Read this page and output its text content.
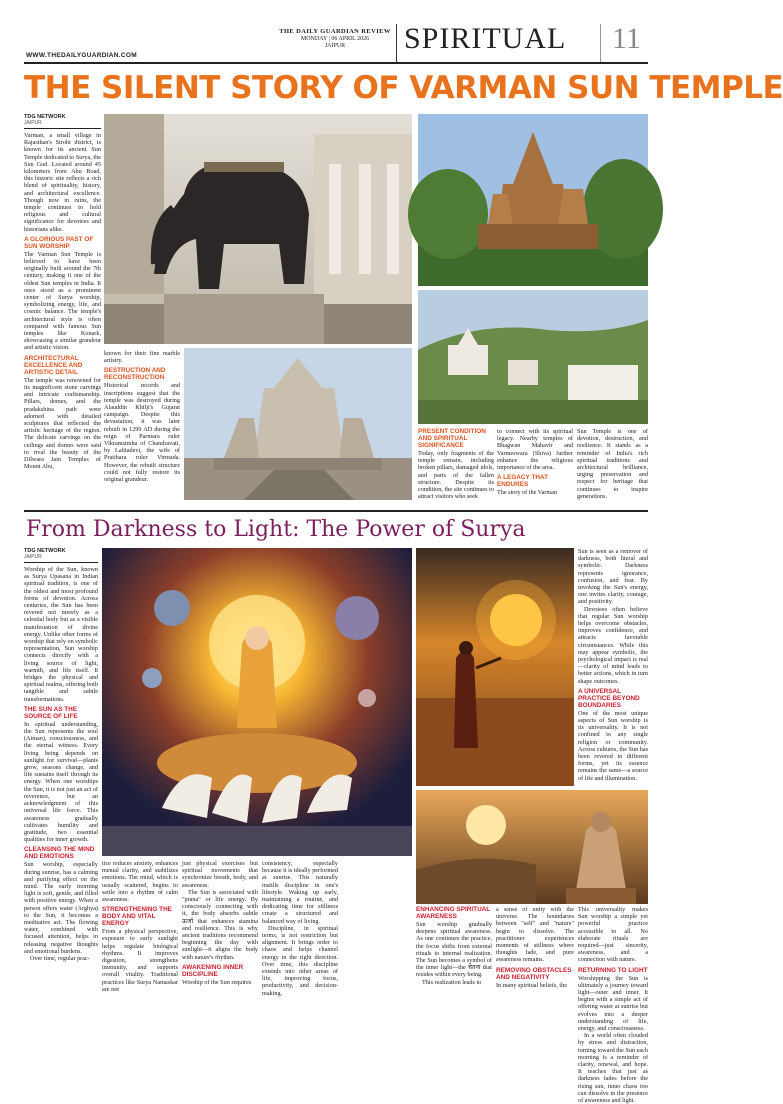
WWW.THEDAILYGUARDIAN.COM
THE DAILY GUARDIAN REVIEW
MONDAY | 06 APRIL 2026
JAIPUR	SPIRITUAL 11
THE SILENT STORY OF VARMAN SUN TEMPLE
TDG NETWORK
JAIPUR

Varman, a small village in Rajasthan's Sirohi district, is known for its ancient Sun Temple dedicated to Surya, the Sun God. Located around 45 kilometers from Abu Road, this historic site reflects a rich blend of spirituality, history, and architectural excellence. Though now in ruins, the temple continues to hold religious and cultural significance for devotees and historians alike.

A GLORIOUS PAST OF SUN WORSHIP

The Varman Sun Temple is believed to have been originally built around the 7th century, making it one of the oldest Sun temples in India. It once stood as a prominent center of Surya worship, symbolizing energy, life, and cosmic balance. The temple's architectural style is often compared with famous Sun temples like Konark, showcasing a similar grandeur and artistic vision.

ARCHITECTURAL EXCELLENCE AND ARTISTIC DETAIL

The temple was renowned for its magnificent stone carvings and intricate craftsmanship. Pillars, domes, and the pradakshina path were adorned with detailed sculptures that reflected the artistic heritage of the region. The delicate carvings on the ceilings and domes were said to rival the beauty of the Dilwara Jain Temples of Mount Abu,

known for their fine marble artistry.

DESTRUCTION AND RECONSTRUCTION

Historical records and inscriptions suggest that the temple was destroyed during Alauddin Khilji's Gujarat campaign. Despite this devastation, it was later rebuilt in 1299 AD during the reign of Parmara ruler Vikramsimha of Chandravati, by Lalitadevi, the wife of Pratihara ruler Virmada. However, the rebuilt structure could not fully restore its original grandeur.

PRESENT CONDITION AND SPIRITUAL SIGNIFICANCE

Today, only fragments of the temple remain, including broken pillars, damaged idols, and parts of the fallen structure. Despite its condition, the site continues to attract visitors who seek

to connect with its spiritual legacy. Nearby temples of Bhagwan Mahavir and Varmeswara (Shiva) further enhance the religious importance of the area.

A LEGACY THAT ENDURES

The story of the Varman

Sun Temple is one of devotion, destruction, and resilience. It stands as a reminder of India's rich spiritual traditions and architectural brilliance, urging preservation and respect for heritage that continues to inspire generations.

From Darkness to Light: The Power of Surya
TDG NETWORK
JAIPUR

Worship of the Sun, known as Surya Upasana in Indian spiritual tradition, is one of the oldest and most profound forms of devotion. Across centuries, the Sun has been revered not merely as a celestial body but as a visible manifestation of divine energy. Unlike other forms of worship that rely on symbolic representation, Sun worship connects directly with a living source of light, warmth, and life itself. It bridges the physical and spiritual realms, offering both tangible and subtle transformations.

THE SUN AS THE SOURCE OF LIFE

In spiritual understanding, the Sun represents the soul (Atman), consciousness, and the eternal witness. Every living being depends on sunlight for survival—plants grow, seasons change, and life sustains itself through its energy. When one worships the Sun, it is not just an act of reverence, but an acknowledgment of this universal life force. This awareness gradually cultivates humility and gratitude, two essential qualities for inner growth.

CLEANSING THE MIND AND EMOTIONS

Sun worship, especially during sunrise, has a calming and purifying effect on the mind. The early morning light is soft, gentle, and filled with positive energy. When a person offers water (Arghya) to the Sun, it becomes a meditative act. The flowing water, combined with focused attention, helps in releasing negative thoughts and emotional burdens.

Over time, regular prac-

tice reduces anxiety, enhances mental clarity, and stabilizes emotions. The mind, which is usually scattered, begins to settle into a rhythm of calm awareness.

STRENGTHENING THE BODY AND VITAL ENERGY

From a physical perspective, exposure to early sunlight helps regulate biological rhythms. It improves digestion, strengthens immunity, and supports overall vitality. Traditional practices like Surya Namaskar are not

just physical exercises but spiritual movements that synchronize breath, body, and awareness.

The Sun is associated with "prana" or life energy. By consciously connecting with it, the body absorbs subtle ऊर्जा that enhances stamina and resilience. This is why ancient traditions recommend beginning the day with sunlight—it aligns the body with nature's rhythm.

AWAKENING INNER DISCIPLINE

Worship of the Sun requires

consistency, especially because it is ideally performed at sunrise. This naturally instills discipline in one's lifestyle. Waking up early, maintaining a routine, and dedicating time for stillness create a structured and balanced way of living.

Discipline, in spiritual terms, is not restriction but alignment. It brings order to chaos and helps channel energy in the right direction. Over time, this discipline extends into other areas of life, improving focus, productivity, and decision-making.

Sun is seen as a remover of darkness, both literal and symbolic. Darkness represents ignorance, confusion, and fear. By invoking the Sun's energy, one invites clarity, courage, and positivity.

Devotees often believe that regular Sun worship helps overcome obstacles, improves confidence, and attracts favorable circumstances. While this may appear symbolic, the psychological impact is real—clarity of mind leads to better actions, which in turn shape outcomes.

A UNIVERSAL PRACTICE BEYOND BOUNDARIES

One of the most unique aspects of Sun worship is its universality. It is not confined to any single religion or community. Across cultures, the Sun has been revered in different forms, yet its essence remains the same—a source of life and illumination.

ENHANCING SPIRITUAL AWARENESS

Sun worship gradually deepens spiritual awareness. As one continues the practice, the focus shifts from external rituals to internal realization. The Sun becomes a symbol of the inner light—the चेतना that resides within every being.

This realization leads to

a sense of unity with the universe. The boundaries between "self" and "nature" begin to dissolve. The practitioner experiences moments of stillness where thoughts fade, and pure awareness remains.

REMOVING OBSTACLES AND NEGATIVITY

In many spiritual beliefs, the

This universality makes Sun worship a simple yet powerful practice accessible to all. No elaborate rituals are required—just sincerity, awareness, and a connection with nature.

RETURNING TO LIGHT

Worshipping the Sun is ultimately a journey toward light—outer and inner. It begins with a simple act of offering water at sunrise but evolves into a deeper understanding of life, energy, and consciousness.

In a world often clouded by stress and distraction, turning toward the Sun each morning is a reminder of clarity, renewal, and hope. It teaches that just as darkness fades before the rising sun, inner chaos too can dissolve in the presence of awareness and light.
